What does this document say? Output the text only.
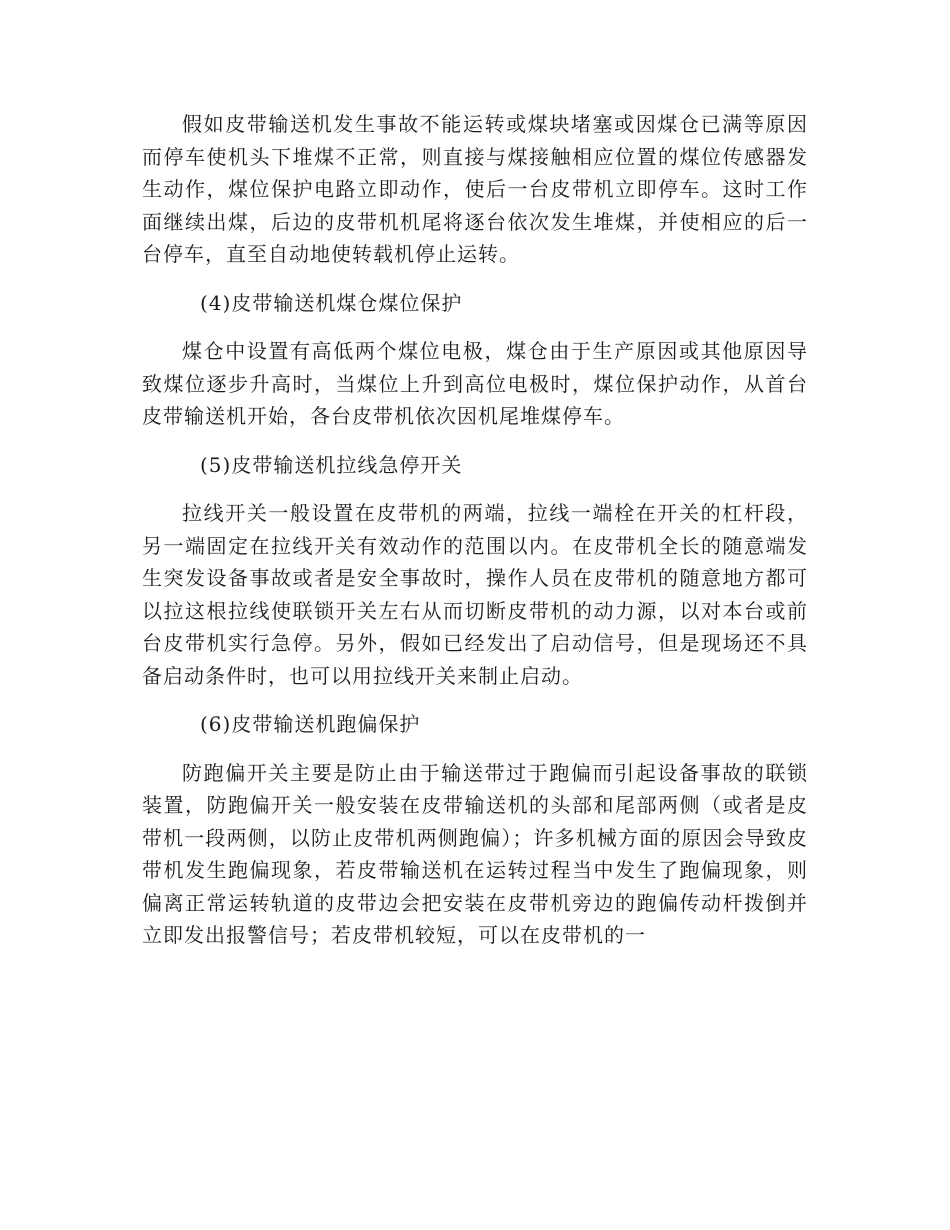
假如皮带输送机发生事故不能运转或煤块堵塞或因煤仓已满等原因而停车使机头下堆煤不正常，则直接与煤接触相应位置的煤位传感器发生动作，煤位保护电路立即动作，使后一台皮带机立即停车。这时工作面继续出煤，后边的皮带机机尾将逐台依次发生堆煤，并使相应的后一台停车，直至自动地使转载机停止运转。

(4)皮带输送机煤仓煤位保护

煤仓中设置有高低两个煤位电极，煤仓由于生产原因或其他原因导致煤位逐步升高时，当煤位上升到高位电极时，煤位保护动作，从首台皮带输送机开始，各台皮带机依次因机尾堆煤停车。

(5)皮带输送机拉线急停开关

拉线开关一般设置在皮带机的两端，拉线一端栓在开关的杠杆段，另一端固定在拉线开关有效动作的范围以内。在皮带机全长的随意端发生突发设备事故或者是安全事故时，操作人员在皮带机的随意地方都可以拉这根拉线使联锁开关左右从而切断皮带机的动力源，以对本台或前台皮带机实行急停。另外，假如已经发出了启动信号，但是现场还不具备启动条件时，也可以用拉线开关来制止启动。

(6)皮带输送机跑偏保护

防跑偏开关主要是防止由于输送带过于跑偏而引起设备事故的联锁装置，防跑偏开关一般安装在皮带输送机的头部和尾部两侧（或者是皮带机一段两侧，以防止皮带机两侧跑偏）；许多机械方面的原因会导致皮带机发生跑偏现象，若皮带输送机在运转过程当中发生了跑偏现象，则偏离正常运转轨道的皮带边会把安装在皮带机旁边的跑偏传动杆拨倒并立即发出报警信号；若皮带机较短，可以在皮带机的一
